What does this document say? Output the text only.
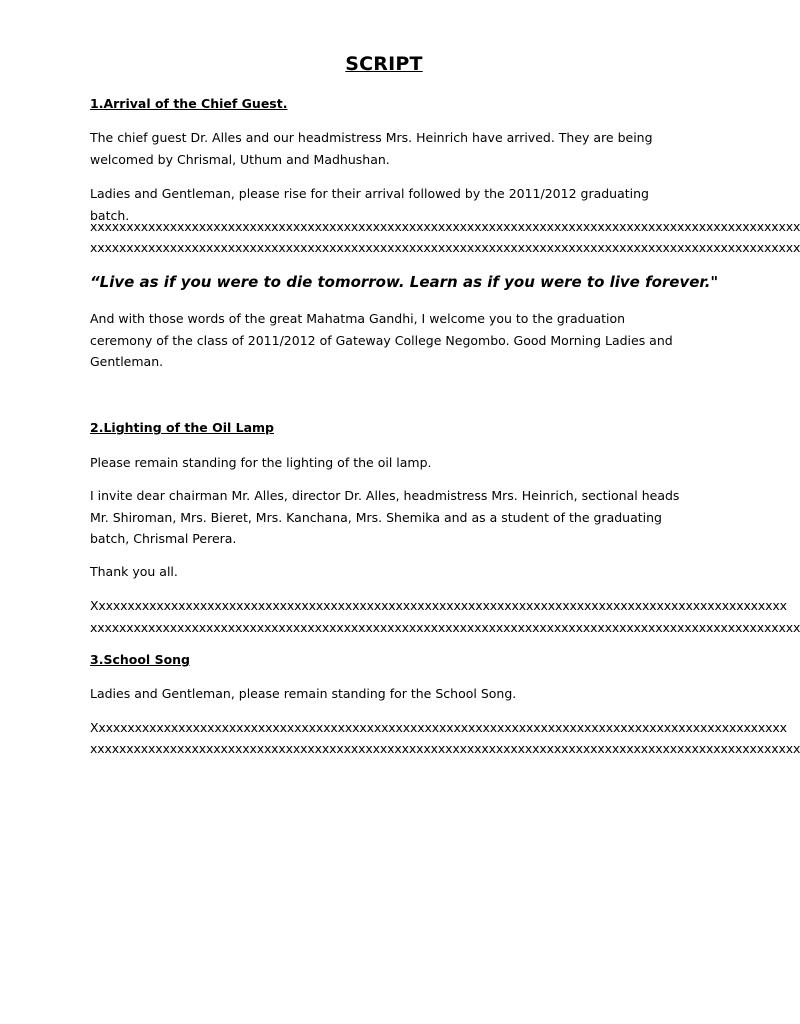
SCRIPT
1.Arrival of the Chief Guest.

The chief guest Dr. Alles and our headmistress Mrs. Heinrich have arrived. They are being welcomed by Chrismal, Uthum and Madhushan.

Ladies and Gentleman, please rise for their arrival followed by the 2011/2012 graduating batch.

xxxxxxxxxxxxxxxxxxxxxxxxxxxxxxxxxxxxxxxxxxxxxxxxxxxxxxxxxxxxxxxxxxxxxxxxxxxxxxxxxxxxxxxxxxxxxxxxxx
xxxxxxxxxxxxxxxxxxxxxxxxxxxxxxxxxxxxxxxxxxxxxxxxxxxxxxxxxxxxxxxxxxxxxxxxxxxxxxxxxxxxxxxxxxxxxxxxxx
“Live as if you were to die tomorrow. Learn as if you were to live forever."

And with those words of the great Mahatma Gandhi, I welcome you to the graduation ceremony of the class of 2011/2012 of Gateway College Negombo. Good Morning Ladies and Gentleman.

2.Lighting of the Oil Lamp

Please remain standing for the lighting of the oil lamp.

I invite dear chairman Mr. Alles, director Dr. Alles, headmistress Mrs. Heinrich, sectional heads Mr. Shiroman, Mrs. Bieret, Mrs. Kanchana, Mrs. Shemika and as a student of the graduating batch, Chrismal Perera.

Thank you all.

Xxxxxxxxxxxxxxxxxxxxxxxxxxxxxxxxxxxxxxxxxxxxxxxxxxxxxxxxxxxxxxxxxxxxxxxxxxxxxxxxxxxxxxxxxxxxxxxx
xxxxxxxxxxxxxxxxxxxxxxxxxxxxxxxxxxxxxxxxxxxxxxxxxxxxxxxxxxxxxxxxxxxxxxxxxxxxxxxxxxxxxxxxxxxxxxxxxx
3.School Song

Ladies and Gentleman, please remain standing for the School Song.

Xxxxxxxxxxxxxxxxxxxxxxxxxxxxxxxxxxxxxxxxxxxxxxxxxxxxxxxxxxxxxxxxxxxxxxxxxxxxxxxxxxxxxxxxxxxxxxxx
xxxxxxxxxxxxxxxxxxxxxxxxxxxxxxxxxxxxxxxxxxxxxxxxxxxxxxxxxxxxxxxxxxxxxxxxxxxxxxxxxxxxxxxxxxxxxxxxxx
